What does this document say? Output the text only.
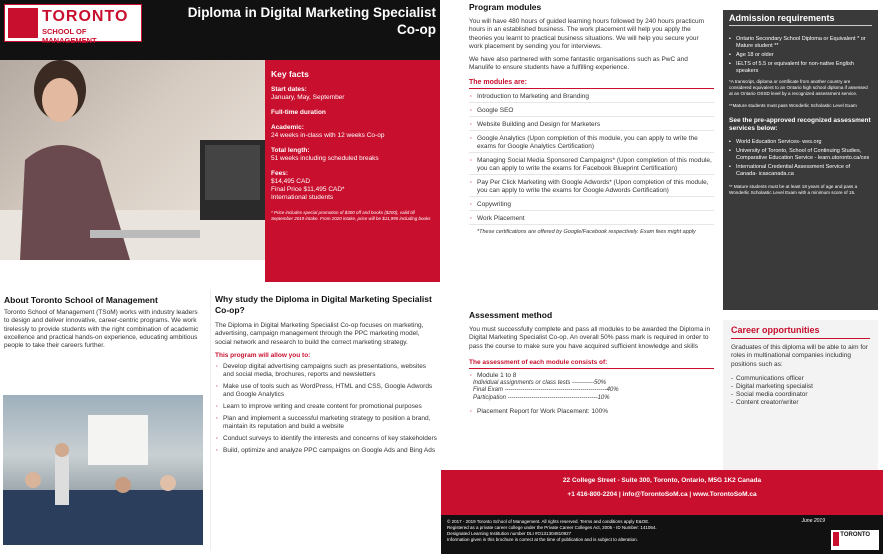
TORONTO
SCHOOL OF MANAGEMENT
Diploma in Digital Marketing Specialist Co-op
Key facts
Start dates:
January, May, September
Full-time duration
Academic:
24 weeks in-class with 12 weeks Co-op
Total length:
51 weeks including scheduled breaks
Fees:
$14,495 CAD
Final Price $11,495 CAD*
International students
* Price includes special promotion of $300 off and books ($200), valid till September 2019 intake. From 2020 intake, price will be $11,995 including books
About Toronto School of Management
Toronto School of Management (TSoM) works with industry leaders to design and deliver innovative, career-centric programs. We work tirelessly to provide students with the right combination of academic excellence and practical hands-on experience, educating ambitious people to take their careers further.
Why study the Diploma in Digital Marketing Specialist Co-op?
The Diploma in Digital Marketing Specialist Co-op focuses on marketing, advertising, campaign management through the PPC marketing model, social network and research to build the correct marketing strategy.
This program will allow you to:
· Develop digital advertising campaigns such as presentations, websites and social media, brochures, reports and newsletters
· Make use of tools such as WordPress, HTML and CSS, Google Adwords and Google Analytics
· Learn to improve writing and create content for promotional purposes
· Plan and implement a successful marketing strategy to position a brand, maintain its reputation and build a website
· Conduct surveys to identify the interests and concerns of key stakeholders
· Build, optimize and analyze PPC campaigns on Google Ads and Bing Ads
Program modules
You will have 480 hours of guided learning hours followed by 240 hours practicum hours in an established business. The work placement will help you apply the theories you learnt to practical business situations. We will help you secure your work placement by sending you for interviews.
We have also partnered with some fantastic organisations such as PwC and Manulife to ensure students have a fulfilling experience.
The modules are:
· Introduction to Marketing and Branding
· Google SEO
· Website Building and Design for Marketers
· Google Analytics (Upon completion of this module, you can apply to write the exams for Google Analytics Certification)
· Managing Social Media Sponsored Campaigns* (Upon completion of this module, you can apply to write the exams for Facebook Blueprint Certification)
· Pay Per Click Marketing with Google Adwords* (Upon completion of this module, you can apply to write the exams for Google Adwords Certification)
· Copywriting
· Work Placement
*These certifications are offered by Google/Facebook respectively. Exam fees might apply
Assessment method
You must successfully complete and pass all modules to be awarded the Diploma in Digital Marketing Specialist Co-op. An overall 50% pass mark is required in order to pass the course to make sure you have acquired sufficient knowledge and skills
The assessment of each module consists of:
· Module 1 to 8
Individual assignments or class tests -----------50%
Final Exam ---------------------------------------------------40%
Participation ---------------------------------------------10%
· Placement Report for Work Placement: 100%
Admission requirements
▪ Ontario Secondary School Diploma or Equivalent * or Mature student **
▪ Age 18 or older
▪ IELTS of 5.5 or equivalent for non-native English speakers
*A transcript, diploma or certificate from another country are considered equivalent to an Ontario high school diploma if assessed at an Ontario OSSD level by a recognized assessment service.
**Mature students must pass Wonderlic Scholastic Level Exam
See the pre-approved recognized assessment services below:
▪ World Education Services- wes.org
▪ University of Toronto, School of Continuing Studies, Comparative Education Service - learn.utoronto.ca/ces
▪ International Credential Assessment Service of Canada- icascanada.ca
** Mature students must be at least 18 years of age and pass a Wonderlic Scholastic Level Exam with a minimum score of 15.
Career opportunities
Graduates of this diploma will be able to aim for roles in multinational companies including positions such as:
- Communications officer
- Digital marketing specialist
- Social media coordinator
- Content creator/writer
22 College Street - Suite 300, Toronto, Ontario, M5G 1K2 Canada
+1 416-800-2204 | info@TorontoSoM.ca | www.TorontoSoM.ca
© 2017 - 2019 Toronto School of Management. All rights reserved. Terms and conditions apply E&OE.
Registered as a private career college under the Private Career Colleges Act, 2005 - ID Number: 141054.
Designated Learning Institution number DLI #O131304810927
Information given in this brochure is correct at the time of publication and is subject to alteration.
June 2019
TORONTO
